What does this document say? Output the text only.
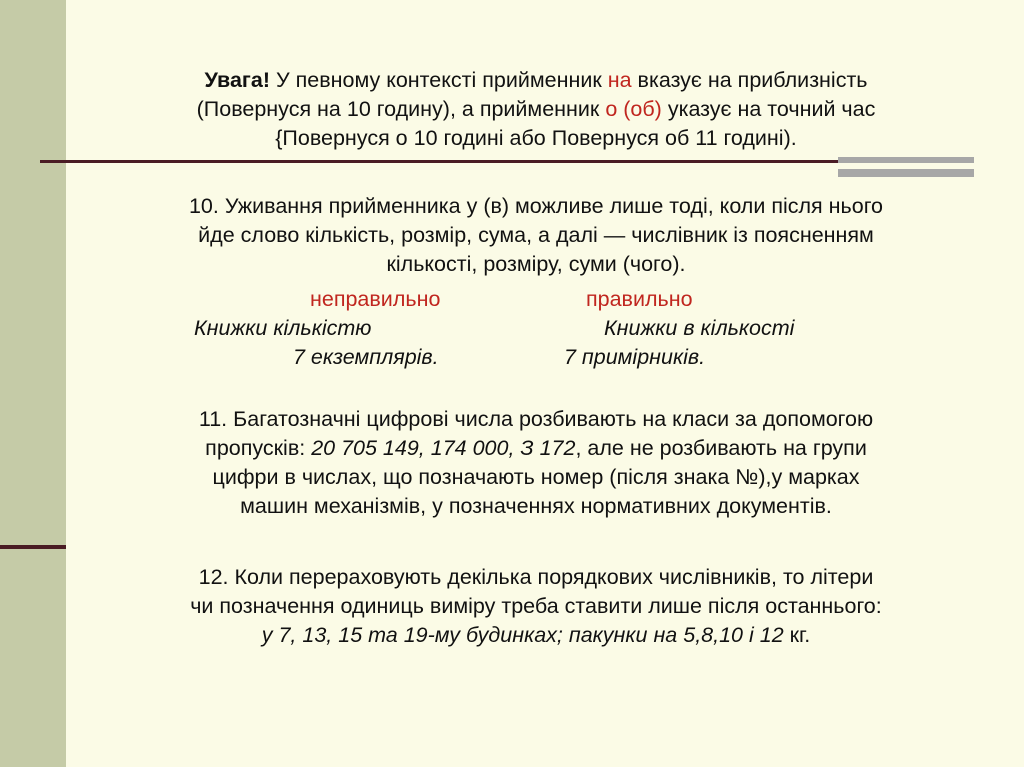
Увага! У певному контексті прийменник на вказує на приблизність
(Повернуся на 10 годину), а прийменник о (об) указує на точний час
{Повернуся о 10 годині або Повернуся об 11 годині).
10. Уживання прийменника у (в) можливе лише тоді, коли після нього
йде слово кількість, розмір, сума, а далі — числівник із поясненням
кількості, розміру, суми (чого).
неправильно	правильно
Книжки кількістю	Книжки в кількості
7 екземплярів.	7 примірників.
11. Багатозначні цифрові числа розбивають на класи за допомогою
пропусків: 20 705 149, 174 000, З 172, але не розбивають на групи
цифри в числах, що позначають номер (після знака №),у марках
машин механізмів, у позначеннях нормативних документів.
12. Коли перераховують декілька порядкових числівників, то літери
чи позначення одиниць виміру треба ставити лише після останнього:
у 7, 13, 15 та 19-му будинках; пакунки на 5,8,10 і 12 кг.
